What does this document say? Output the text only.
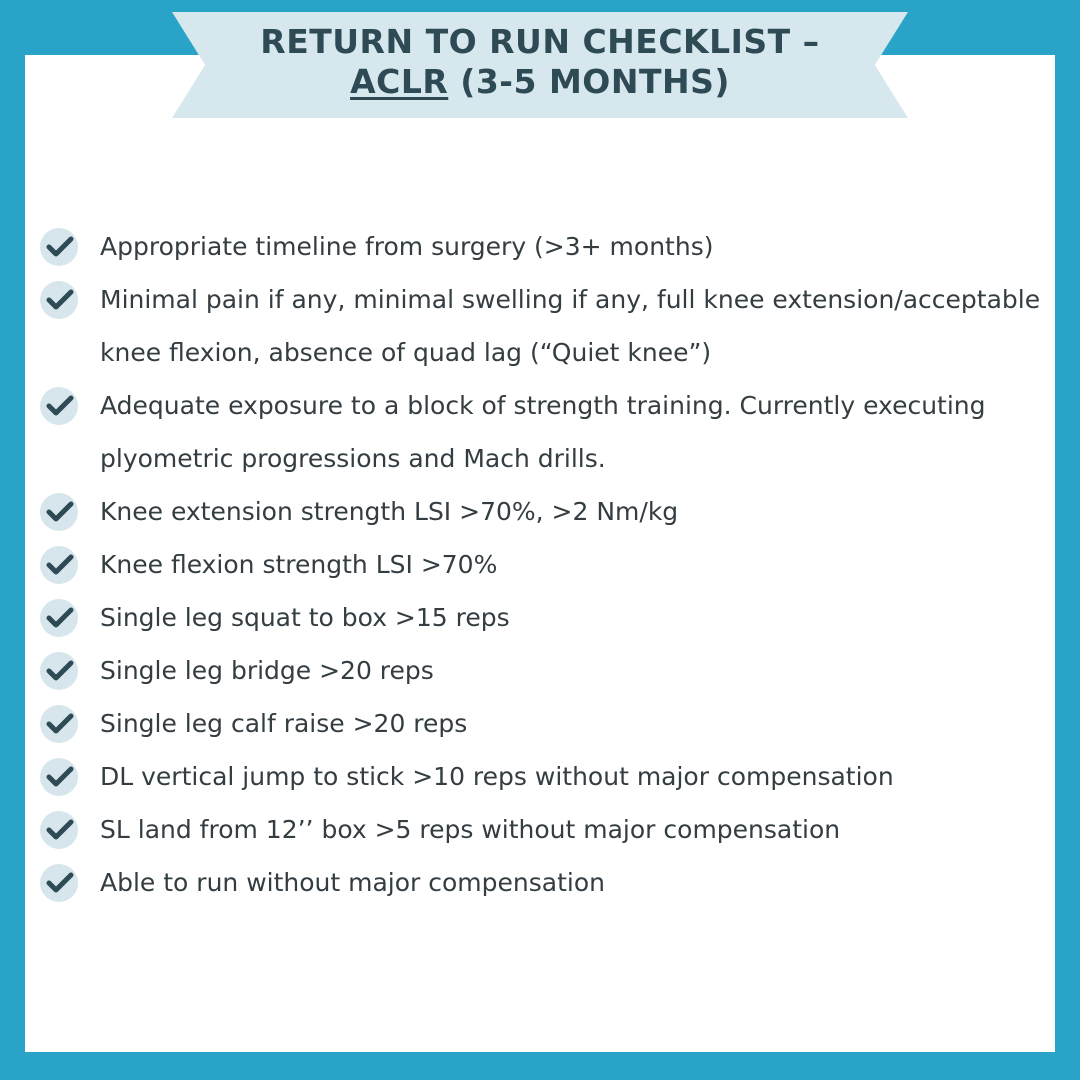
RETURN TO RUN CHECKLIST –
ACLR (3-5 MONTHS)
Appropriate timeline from surgery (>3+ months)
Minimal pain if any, minimal swelling if any, full knee extension/acceptable
knee flexion, absence of quad lag (“Quiet knee”)
Adequate exposure to a block of strength training. Currently executing
plyometric progressions and Mach drills.
Knee extension strength LSI >70%, >2 Nm/kg
Knee flexion strength LSI >70%
Single leg squat to box >15 reps
Single leg bridge >20 reps
Single leg calf raise >20 reps
DL vertical jump to stick >10 reps without major compensation
SL land from 12’’ box >5 reps without major compensation
Able to run without major compensation
